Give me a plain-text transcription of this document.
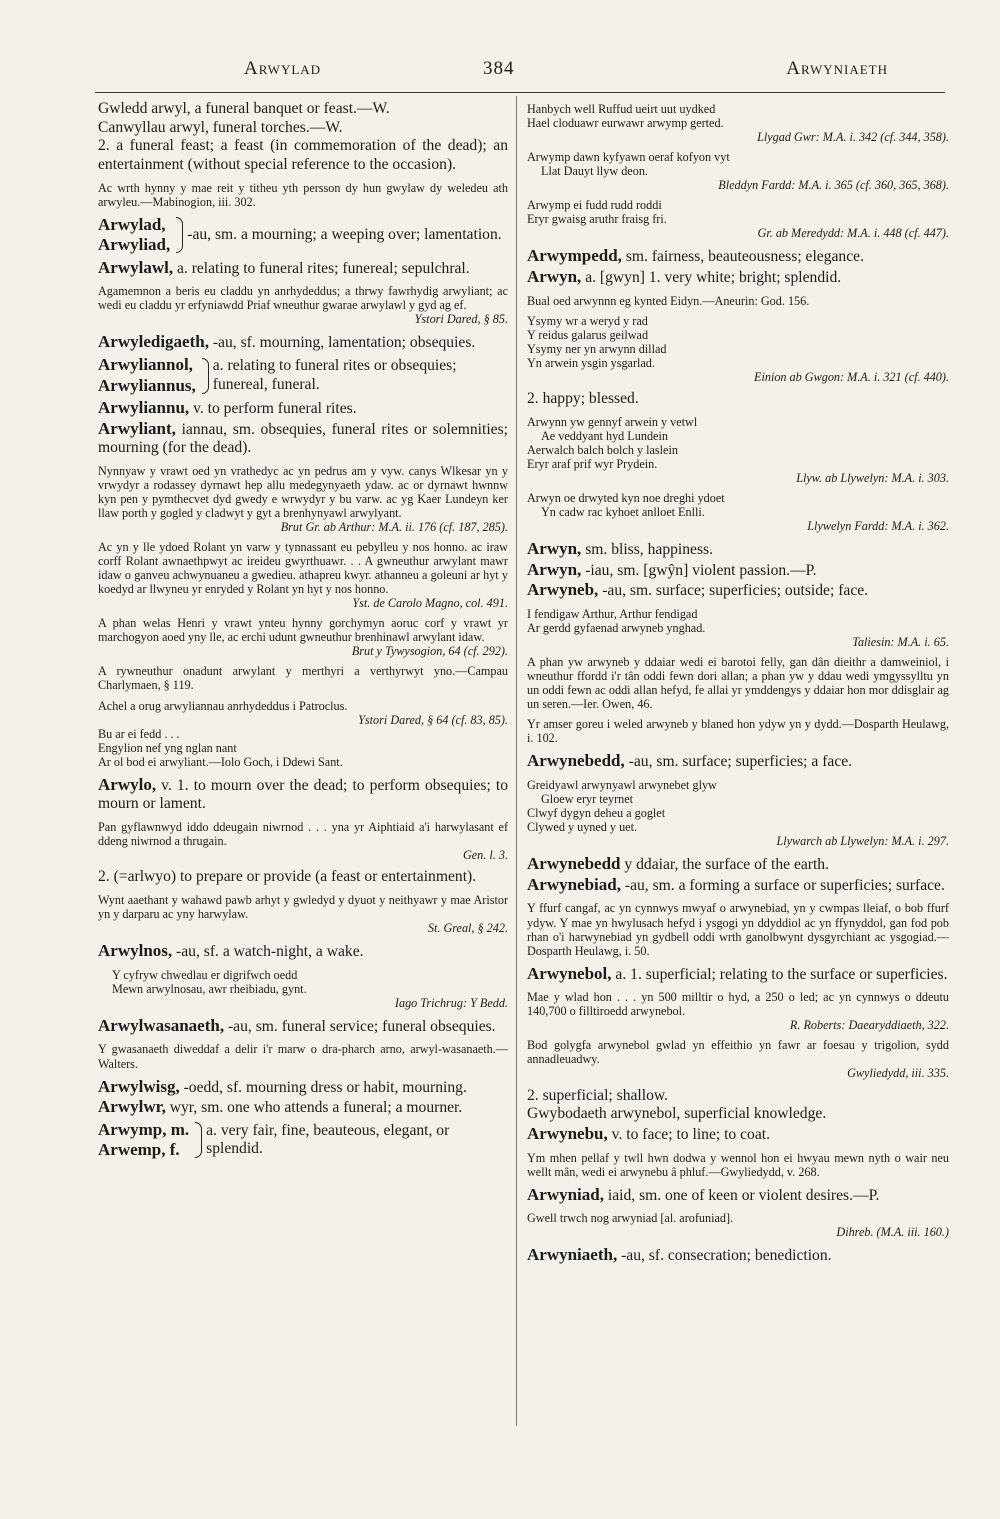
Arwylad	384	Arwyniaeth

Gwledd arwyl, a funeral banquet or feast.—W.

Canwyllau arwyl, funeral torches.—W.

2. a funeral feast; a feast (in commemoration of the dead); an entertainment (without special reference to the occasion).

Ac wrth hynny y mae reit y titheu yth persson dy hun gwylaw dy weledeu ath arwyleu.—Mabinogion, iii. 302.

Arwylad,
Arwyliad,
-au, sm. a mourning; a weeping over; lamentation.

Arwylawl, a. relating to funeral rites; funereal; sepulchral.

Agamemnon a beris eu claddu yn anrhydeddus; a thrwy fawrhydig arwyliant; ac wedi eu claddu yr erfyniawdd Priaf wneuthur gwarae arwylawl y gyd ag ef.

Ystori Dared, § 85.

Arwyledigaeth, -au, sf. mourning, lamentation; obsequies.

Arwyliannol,
Arwyliannus,
a. relating to funeral rites or obsequies; funereal, funeral.

Arwyliannu, v. to perform funeral rites.

Arwyliant, iannau, sm. obsequies, funeral rites or solemnities; mourning (for the dead).

Nynnyaw y vrawt oed yn vrathedyc ac yn pedrus am y vyw. canys Wlkesar yn y vrwydyr a rodassey dyrnawt hep allu medegynyaeth ydaw. ac or dyrnawt hwnnw kyn pen y pymthecvet dyd gwedy e wrwydyr y bu varw. ac yg Kaer Lundeyn ker llaw porth y gogled y cladwyt y gyt a brenhynyawl arwylyant.

Brut Gr. ab Arthur: M.A. ii. 176 (cf. 187, 285).

Ac yn y lle ydoed Rolant yn varw y tynnassant eu pebylleu y nos honno. ac iraw corff Rolant awnaethpwyt ac ireideu gwyrthuawr. . . A gwneuthur arwylant mawr idaw o ganveu achwynuaneu a gwedieu. athapreu kwyr. athanneu a goleuni ar hyt y koedyd ar llwyneu yr enryded y Rolant yn hyt y nos honno.

Yst. de Carolo Magno, col. 491.

A phan welas Henri y vrawt ynteu hynny gorchymyn aoruc corf y vrawt yr marchogyon aoed yny lle, ac erchi udunt gwneuthur brenhinawl arwylant idaw.

Brut y Tywysogion, 64 (cf. 292).

A rywneuthur onadunt arwylant y merthyri a verthyrwyt yno.—Campau Charlymaen, § 119.

Achel a orug arwyliannau anrhydeddus i Patroclus.

Ystori Dared, § 64 (cf. 83, 85).

Bu ar ei fedd . . .

Engylion nef yng nglan nant

Ar ol bod ei arwyliant.—Iolo Goch, i Ddewi Sant.

Arwylo, v. 1. to mourn over the dead; to perform obsequies; to mourn or lament.

Pan gyflawnwyd iddo ddeugain niwrnod . . . yna yr Aiphtiaid a'i harwylasant ef ddeng niwrnod a thrugain.

Gen. l. 3.

2. (=arlwyo) to prepare or provide (a feast or entertainment).

Wynt aaethant y wahawd pawb arhyt y gwledyd y dyuot y neithyawr y mae Aristor yn y darparu ac yny harwylaw.

St. Greal, § 242.

Arwylnos, -au, sf. a watch-night, a wake.

Y cyfryw chwedlau er digrifwch oedd

Mewn arwylnosau, awr rheibiadu, gynt.

Iago Trichrug: Y Bedd.

Arwylwasanaeth, -au, sm. funeral service; funeral obsequies.

Y gwasanaeth diweddaf a delir i'r marw o dra-pharch arno, arwyl-wasanaeth.—Walters.

Arwylwisg, -oedd, sf. mourning dress or habit, mourning.

Arwylwr, wyr, sm. one who attends a funeral; a mourner.

Arwymp, m.
Arwemp, f.
a. very fair, fine, beauteous, elegant, or splendid.

Hanbych well Ruffud ueirt uut uydked

Hael cloduawr eurwawr arwymp gerted.

Llygad Gwr: M.A. i. 342 (cf. 344, 358).

Arwymp dawn kyfyawn oeraf kofyon vyt

Llat Dauyt llyw deon.

Bleddyn Fardd: M.A. i. 365 (cf. 360, 365, 368).

Arwymp ei fudd rudd roddi

Eryr gwaisg aruthr fraisg fri.

Gr. ab Meredydd: M.A. i. 448 (cf. 447).

Arwympedd, sm. fairness, beauteousness; elegance.

Arwyn, a. [gwyn] 1. very white; bright; splendid.

Bual oed arwynnn eg kynted Eidyn.—Aneurin: God. 156.

Ysymy wr a weryd y rad

Y reidus galarus geilwad

Ysymy ner yn arwynn dillad

Yn arwein ysgin ysgarlad.

Einion ab Gwgon: M.A. i. 321 (cf. 440).

2. happy; blessed.

Arwynn yw gennyf arwein y vetwl

Ae veddyant hyd Lundein

Aerwalch balch bolch y laslein

Eryr araf prif wyr Prydein.

Llyw. ab Llywelyn: M.A. i. 303.

Arwyn oe drwyted kyn noe dreghi ydoet

Yn cadw rac kyhoet anlloet Enlli.

Llywelyn Fardd: M.A. i. 362.

Arwyn, sm. bliss, happiness.

Arwyn, -iau, sm. [gwŷn] violent passion.—P.

Arwyneb, -au, sm. surface; superficies; outside; face.

I fendigaw Arthur, Arthur fendigad

Ar gerdd gyfaenad arwyneb ynghad.

Taliesin: M.A. i. 65.

A phan yw arwyneb y ddaiar wedi ei barotoi felly, gan dân dieithr a damweiniol, i wneuthur ffordd i'r tân oddi fewn dori allan; a phan yw y ddau wedi ymgyssylltu yn un oddi fewn ac oddi allan hefyd, fe allai yr ymddengys y ddaiar hon mor ddisglair ag un seren.—Ier. Owen, 46.

Yr amser goreu i weled arwyneb y blaned hon ydyw yn y dydd.—Dosparth Heulawg, i. 102.

Arwynebedd, -au, sm. surface; superficies; a face.

Greidyawl arwynyawl arwynebet glyw

Gloew eryr teyrnet

Clwyf dygyn deheu a goglet

Clywed y uyned y uet.

Llywarch ab Llywelyn: M.A. i. 297.

Arwynebedd y ddaiar, the surface of the earth.

Arwynebiad, -au, sm. a forming a surface or superficies; surface.

Y ffurf cangaf, ac yn cynnwys mwyaf o arwynebiad, yn y cwmpas lleiaf, o bob ffurf ydyw. Y mae yn hwylusach hefyd i ysgogi yn ddyddiol ac yn ffynyddol, gan fod pob rhan o'i harwynebiad yn gydbell oddi wrth ganolbwynt dysgyrchiant ac ysgogiad.—Dosparth Heulawg, i. 50.

Arwynebol, a. 1. superficial; relating to the surface or superficies.

Mae y wlad hon . . . yn 500 milltir o hyd, a 250 o led; ac yn cynnwys o ddeutu 140,700 o filltiroedd arwynebol.

R. Roberts: Daearyddiaeth, 322.

Bod golygfa arwynebol gwlad yn effeithio yn fawr ar foesau y trigolion, sydd annadleuadwy.

Gwyliedydd, iii. 335.

2. superficial; shallow.

Gwybodaeth arwynebol, superficial knowledge.

Arwynebu, v. to face; to line; to coat.

Ym mhen pellaf y twll hwn dodwa y wennol hon ei hwyau mewn nyth o wair neu wellt mân, wedi ei arwynebu â phluf.—Gwyliedydd, v. 268.

Arwyniad, iaid, sm. one of keen or violent desires.—P.

Gwell trwch nog arwyniad [al. arofuniad].

Dihreb. (M.A. iii. 160.)

Arwyniaeth, -au, sf. consecration; benediction.
